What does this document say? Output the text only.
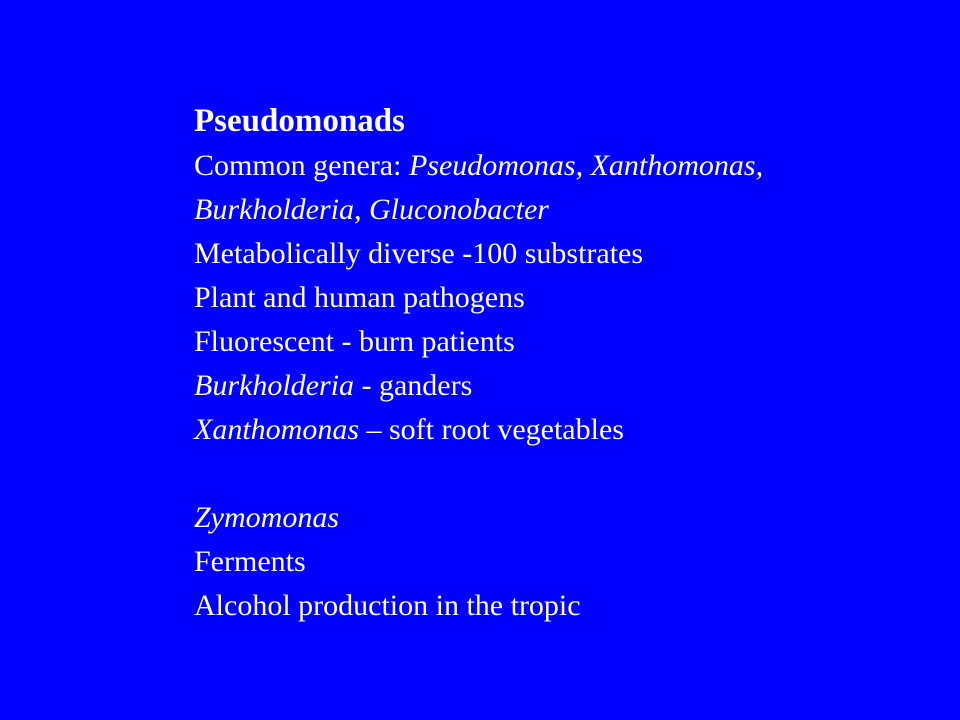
Pseudomonads
Common genera: Pseudomonas, Xanthomonas,
Burkholderia, Gluconobacter
Metabolically diverse -100 substrates
Plant and human pathogens
Fluorescent - burn patients
Burkholderia - ganders
Xanthomonas – soft root vegetables
Zymomonas
Ferments
Alcohol production in the tropic
